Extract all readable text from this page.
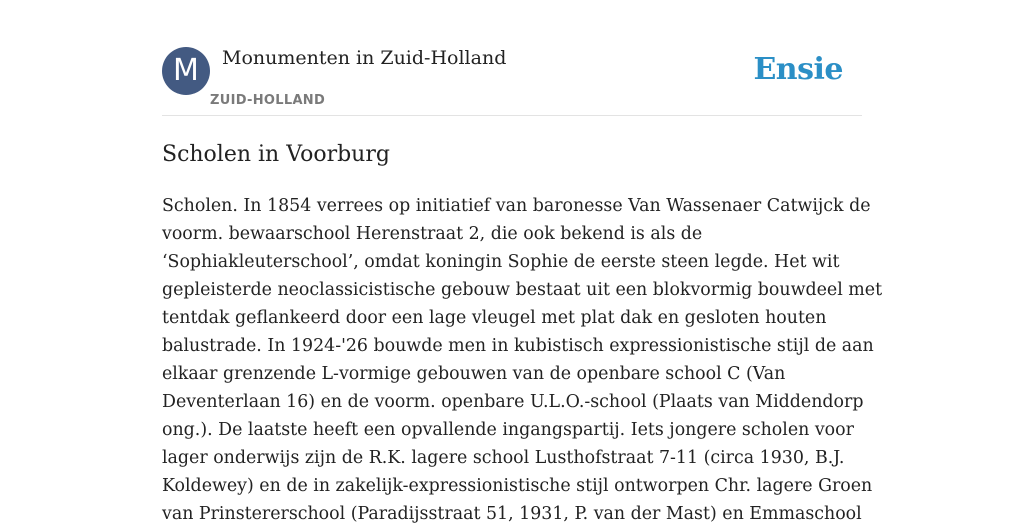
M	Monumenten in Zuid-Holland
ZUID-HOLLAND
Ensie
Scholen in Voorburg

Scholen. In 1854 verrees op initiatief van baronesse Van Wassenaer Catwijck de
voorm. bewaarschool Herenstraat 2, die ook bekend is als de
‘Sophiakleuterschool’, omdat koningin Sophie de eerste steen legde. Het wit
gepleisterde neoclassicistische gebouw bestaat uit een blokvormig bouwdeel met
tentdak geflankeerd door een lage vleugel met plat dak en gesloten houten
balustrade. In 1924-'26 bouwde men in kubistisch expressionistische stijl de aan
elkaar grenzende L-vormige gebouwen van de openbare school C (Van
Deventerlaan 16) en de voorm. openbare U.L.O.-school (Plaats van Middendorp
ong.). De laatste heeft een opvallende ingangspartij. Iets jongere scholen voor
lager onderwijs zijn de R.K. lagere school Lusthofstraat 7-11 (circa 1930, B.J.
Koldewey) en de in zakelijk-expressionistische stijl ontworpen Chr. lagere Groen
van Prinstererschool (Paradijsstraat 51, 1931, P. van der Mast) en Emmaschool
